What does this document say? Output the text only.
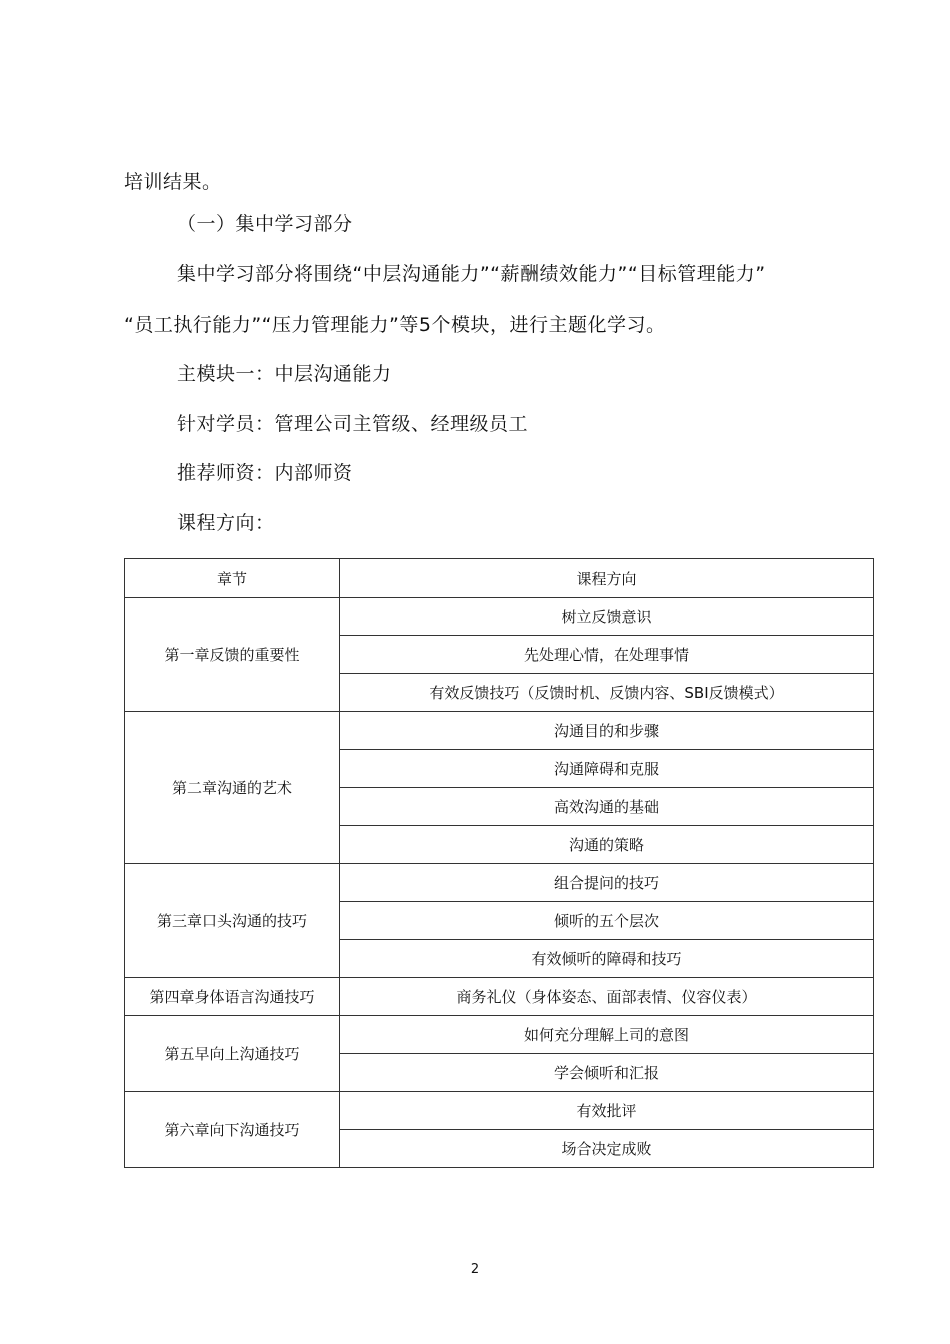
培训结果。
（一）集中学习部分
集中学习部分将围绕“中层沟通能力”“薪酬绩效能力”“目标管理能力”
“员工执行能力”“压力管理能力”等5个模块，进行主题化学习。
主模块一：中层沟通能力
针对学员：管理公司主管级、经理级员工
推荐师资：内部师资
课程方向：
章节	课程方向
第一章反馈的重要性	树立反馈意识
	先处理心情，在处理事情
	有效反馈技巧（反馈时机、反馈内容、SBI反馈模式）
第二章沟通的艺术	沟通目的和步骤
	沟通障碍和克服
	高效沟通的基础
	沟通的策略
第三章口头沟通的技巧	组合提问的技巧
	倾听的五个层次
	有效倾听的障碍和技巧
第四章身体语言沟通技巧	商务礼仪（身体姿态、面部表情、仪容仪表）
第五早向上沟通技巧	如何充分理解上司的意图
	学会倾听和汇报
第六章向下沟通技巧	有效批评
	场合决定成败
2
